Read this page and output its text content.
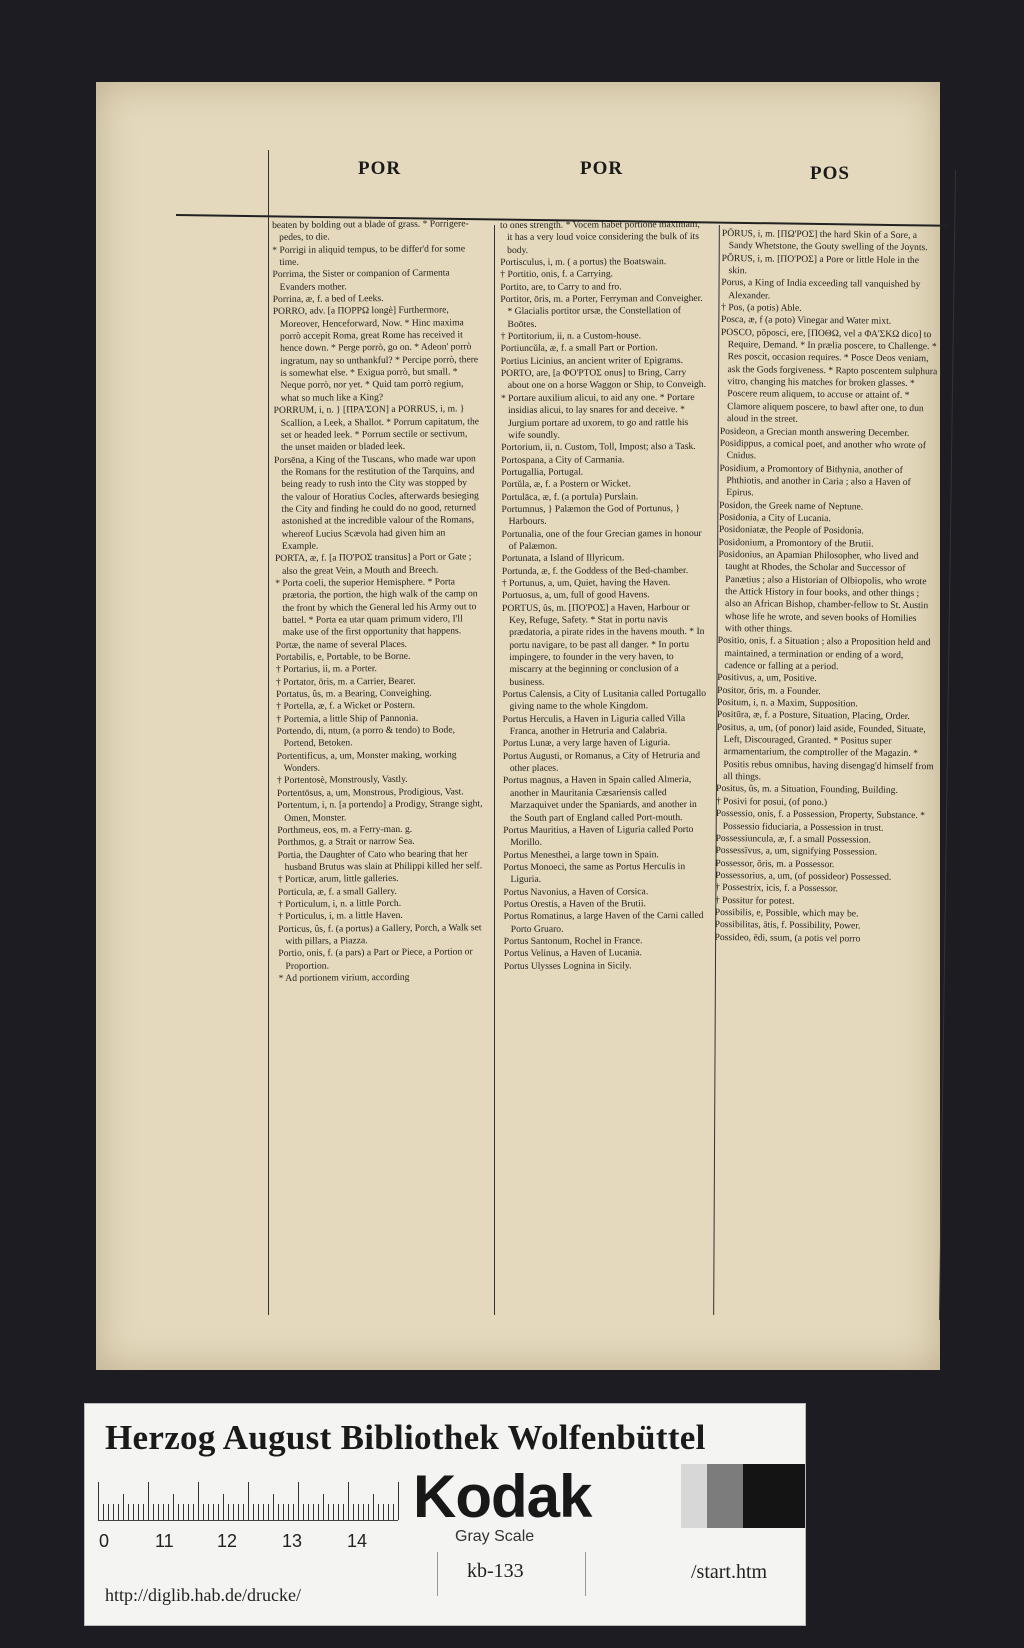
POR	POR	POS

beaten by bolding out a blade of grass. * Porrigere-pedes, to die.

* Porrigi in aliquid tempus, to be differ'd for some time.

Porrima, the Sister or companion of Carmenta Evanders mother.

Porrina, æ, f. a bed of Leeks.

PORRO, adv. [a ΠΟΡΡΩ longè] Furthermore, Moreover, Henceforward, Now. * Hinc maxima porrò accepit Roma, great Rome has received it hence down. * Perge porrò, go on. * Adeon' porrò ingratum, nay so unthankful? * Percipe porrò, there is somewhat else. * Exigua porrò, but small. * Neque porrò, nor yet. * Quid tam porrò regium, what so much like a King?

PORRUM, i, n. } [ΠΡΑ'ΣΟΝ] a PORRUS, i, m. } Scallion, a Leek, a Shallot. * Porrum capitatum, the set or headed leek. * Porrum sectile or sectivum, the unset maiden or bladed leek.

Porsēna, a King of the Tuscans, who made war upon the Romans for the restitution of the Tarquins, and being ready to rush into the City was stopped by the valour of Horatius Cocles, afterwards besieging the City and finding he could do no good, returned astonished at the incredible valour of the Romans, whereof Lucius Scævola had given him an Example.

PORTA, æ, f. [a ΠΟ'ΡΟΣ transitus] a Port or Gate ; also the great Vein, a Mouth and Breech.

* Porta coeli, the superior Hemisphere. * Porta prætoria, the portion, the high walk of the camp on the front by which the General led his Army out to battel. * Porta ea utar quam primum videro, I'll make use of the first opportunity that happens.

Portæ, the name of several Places.

Portabilis, e, Portable, to be Borne.

† Portarius, ii, m. a Porter.

† Portator, ōris, m. a Carrier, Bearer.

Portatus, ûs, m. a Bearing, Conveighing.

† Portella, æ, f. a Wicket or Postern.

† Portemia, a little Ship of Pannonia.

Portendo, di, ntum, (a porro & tendo) to Bode, Portend, Betoken.

Portentificus, a, um, Monster making, working Wonders.

† Portentosè, Monstrously, Vastly.

Portentōsus, a, um, Monstrous, Prodigious, Vast.

Portentum, i, n. [a portendo] a Prodigy, Strange sight, Omen, Monster.

Porthmeus, eos, m. a Ferry-man. g.

Porthmos, g. a Strait or narrow Sea.

Portia, the Daughter of Cato who bearing that her husband Brutus was slain at Philippi killed her self.

† Porticæ, arum, little galleries.

Porticula, æ, f. a small Gallery.

† Porticulum, i, n. a little Porch.

† Porticulus, i, m. a little Haven.

Porticus, ûs, f. (a portus) a Gallery, Porch, a Walk set with pillars, a Piazza.

Portio, onis, f. (a pars) a Part or Piece, a Portion or Proportion.

* Ad portionem virium, according

to ones strength. * Vocem habet portione maximam, it has a very loud voice considering the bulk of its body.

Portisculus, i, m. ( a portus) the Boatswain.

† Portitio, onis, f. a Carrying.

Portito, are, to Carry to and fro.

Portitor, ōris, m. a Porter, Ferryman and Conveigher. * Glacialis portitor ursæ, the Constellation of Boōtes.

† Portitorium, ii, n. a Custom-house.

Portiuncŭla, æ, f. a small Part or Portion.

Portius Licinius, an ancient writer of Epigrams.

PORTO, are, [a ΦΟ'ΡΤΟΣ onus] to Bring, Carry about one on a horse Waggon or Ship, to Conveigh.

* Portare auxilium alicui, to aid any one. * Portare insidias alicui, to lay snares for and deceive. * Jurgium portare ad uxorem, to go and rattle his wife soundly.

Portorium, ii, n. Custom, Toll, Impost; also a Task.

Portospana, a City of Carmania.

Portugallia, Portugal.

Portŭla, æ, f. a Postern or Wicket.

Portulāca, æ, f. (a portula) Purslain.

Portumnus, } Palæmon the God of Portunus, } Harbours.

Portunalia, one of the four Grecian games in honour of Palæmon.

Portunata, a Island of Illyricum.

Portunda, æ, f. the Goddess of the Bed-chamber.

† Portunus, a, um, Quiet, having the Haven.

Portuosus, a, um, full of good Havens.

PORTUS, ûs, m. [ΠΟ'ΡΟΣ] a Haven, Harbour or Key, Refuge, Safety. * Stat in portu navis prædatoria, a pirate rides in the havens mouth. * In portu navigare, to be past all danger. * In portu impingere, to founder in the very haven, to miscarry at the beginning or conclusion of a business.

Portus Calensis, a City of Lusitania called Portugallo giving name to the whole Kingdom.

Portus Herculis, a Haven in Liguria called Villa Franca, another in Hetruria and Calabria.

Portus Lunæ, a very large haven of Liguria.

Portus Augusti, or Romanus, a City of Hetruria and other places.

Portus magnus, a Haven in Spain called Almeria, another in Mauritania Cæsariensis called Marzaquivet under the Spaniards, and another in the South part of England called Port-mouth.

Portus Mauritius, a Haven of Liguria called Porto Morillo.

Portus Menesthei, a large town in Spain.

Portus Monoeci, the same as Portus Herculis in Liguria.

Portus Navonius, a Haven of Corsica.

Portus Orestis, a Haven of the Brutii.

Portus Romatinus, a large Haven of the Carni called Porto Gruaro.

Portus Santonum, Rochel in France.

Portus Velinus, a Haven of Lucania.

Portus Ulysses Lognina in Sicily.

PŌRUS, i, m. [ΠΩ'ΡΟΣ] the hard Skin of a Sore, a Sandy Whetstone, the Gouty swelling of the Joynts.

PŎRUS, i, m. [ΠΟ'ΡΟΣ] a Pore or little Hole in the skin.

Porus, a King of India exceeding tall vanquished by Alexander.

† Pos, (a potis) Able.

Posca, æ, f (a poto) Vinegar and Water mixt.

POSCO, pōposci, ere, [ΠΟΘΩ, vel a ΦΑ'ΣΚΩ dico] to Require, Demand. * In prælia poscere, to Challenge. * Res poscit, occasion requires. * Posce Deos veniam, ask the Gods forgiveness. * Rapto poscentem sulphura vitro, changing his matches for broken glasses. * Poscere reum aliquem, to accuse or attaint of. * Clamore aliquem poscere, to bawl after one, to dun aloud in the street.

Posideon, a Grecian month answering December.

Posidippus, a comical poet, and another who wrote of Cnidus.

Posidium, a Promontory of Bithynia, another of Phthiotis, and another in Caria ; also a Haven of Epirus.

Posidon, the Greek name of Neptune.

Posidonia, a City of Lucania.

Posidoniatæ, the People of Posidonia.

Posidonium, a Promontory of the Brutii.

Posidonius, an Apamian Philosopher, who lived and taught at Rhodes, the Scholar and Successor of Panætius ; also a Historian of Olbiopolis, who wrote the Attick History in four books, and other things ; also an African Bishop, chamber-fellow to St. Austin whose life he wrote, and seven books of Homilies with other things.

Positio, onis, f. a Situation ; also a Proposition held and maintained, a termination or ending of a word, cadence or falling at a period.

Positivus, a, um, Positive.

Positor, ōris, m. a Founder.

Positum, i, n. a Maxim, Supposition.

Positūra, æ, f. a Posture, Situation, Placing, Order.

Positus, a, um, (of ponor) laid aside, Founded, Situate, Left, Discouraged, Granted. * Positus super armamentarium, the comptroller of the Magazin. * Positis rebus omnibus, having disengag'd himself from all things.

Positus, ûs, m. a Situation, Founding, Building.

† Posivi for posui, (of pono.)

Possessio, onis, f. a Possession, Property, Substance. * Possessio fiduciaria, a Possession in trust.

Possessiuncula, æ, f. a small Possession.

Possessīvus, a, um, signifying Possession.

Possessor, ōris, m. a Possessor.

Possessorius, a, um, (of possideor) Possessed.

† Possestrix, icis, f. a Possessor.

† Possitur for potest.

Possibilis, e, Possible, which may be.

Possibilitas, ātis, f. Possibility, Power.

Possideo, ēdi, ssum, (a potis vel porro

Herzog August Bibliothek Wolfenbüttel
0	11 12 13 14
Kodak
Gray Scale
kb-133
http://diglib.hab.de/drucke/
/start.htm
